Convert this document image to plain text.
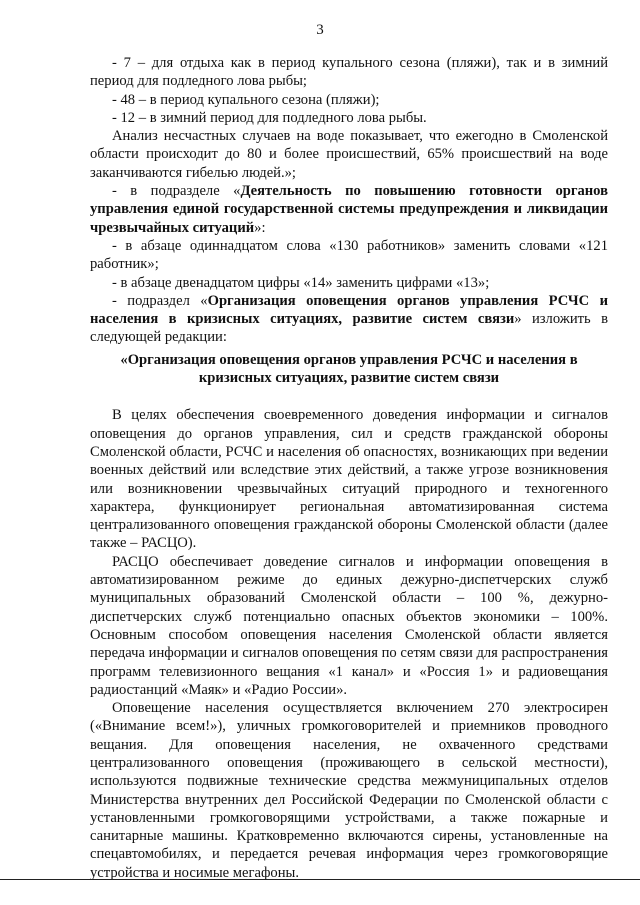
3

- 7 – для отдыха как в период купального сезона (пляжи), так и в зимний период для подледного лова рыбы;

- 48 – в период купального сезона (пляжи);

- 12 – в зимний период для подледного лова рыбы.

Анализ несчастных случаев на воде показывает, что ежегодно в Смоленской области происходит до 80 и более происшествий, 65% происшествий на воде заканчиваются гибелью людей.»;

- в подразделе «Деятельность по повышению готовности органов управления единой государственной системы предупреждения и ликвидации чрезвычайных ситуаций»:

- в абзаце одиннадцатом слова «130 работников» заменить словами «121 работник»;

- в абзаце двенадцатом цифры «14» заменить цифрами «13»;

- подраздел «Организация оповещения органов управления РСЧС и населения в кризисных ситуациях, развитие систем связи» изложить в следующей редакции:

«Организация оповещения органов управления РСЧС и населения в кризисных ситуациях, развитие систем связи

В целях обеспечения своевременного доведения информации и сигналов оповещения до органов управления, сил и средств гражданской обороны Смоленской области, РСЧС и населения об опасностях, возникающих при ведении военных действий или вследствие этих действий, а также угрозе возникновения или возникновении чрезвычайных ситуаций природного и техногенного характера, функционирует региональная автоматизированная система централизованного оповещения гражданской обороны Смоленской области (далее также – РАСЦО).

РАСЦО обеспечивает доведение сигналов и информации оповещения в автоматизированном режиме до единых дежурно-диспетчерских служб муниципальных образований Смоленской области – 100 %, дежурно-диспетчерских служб потенциально опасных объектов экономики – 100%. Основным способом оповещения населения Смоленской области является передача информации и сигналов оповещения по сетям связи для распространения программ телевизионного вещания «1 канал» и «Россия 1» и радиовещания радиостанций «Маяк» и «Радио России».

Оповещение населения осуществляется включением 270 электросирен («Внимание всем!»), уличных громкоговорителей и приемников проводного вещания. Для оповещения населения, не охваченного средствами централизованного оповещения (проживающего в сельской местности), используются подвижные технические средства межмуниципальных отделов Министерства внутренних дел Российской Федерации по Смоленской области с установленными громкоговорящими устройствами, а также пожарные и санитарные машины. Кратковременно включаются сирены, установленные на спецавтомобилях, и передается речевая информация через громкоговорящие устройства и носимые мегафоны.
